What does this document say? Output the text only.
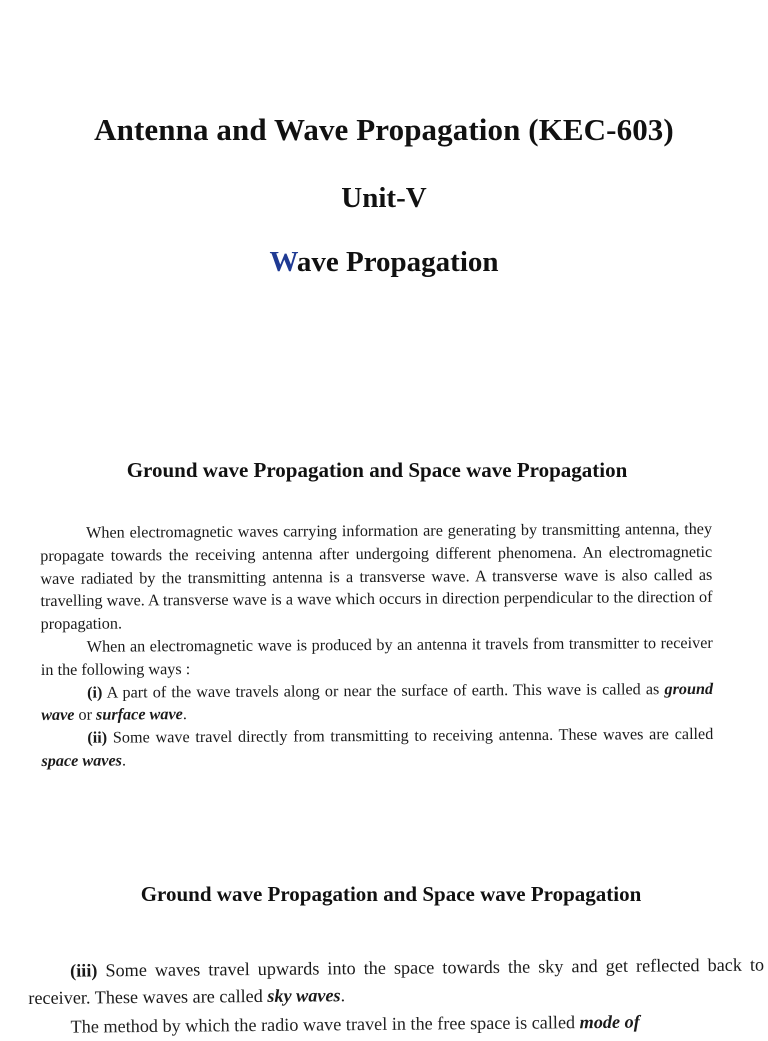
Antenna and Wave Propagation (KEC-603)
Unit-V
Wave Propagation
Ground wave Propagation and Space wave Propagation

When electromagnetic waves carrying information are generating by transmitting antenna, they propagate towards the receiving antenna after undergoing different phenomena. An electromagnetic wave radiated by the transmitting antenna is a transverse wave. A transverse wave is also called as travelling wave. A transverse wave is a wave which occurs in direction perpendicular to the direction of propagation.

When an electromagnetic wave is produced by an antenna it travels from transmitter to receiver in the following ways :

(i) A part of the wave travels along or near the surface of earth. This wave is called as ground wave or surface wave.

(ii) Some wave travel directly from transmitting to receiving antenna. These waves are called space waves.

Ground wave Propagation and Space wave Propagation

(iii) Some waves travel upwards into the space towards the sky and get reflected back to receiver. These waves are called sky waves.

The method by which the radio wave travel in the free space is called mode of
